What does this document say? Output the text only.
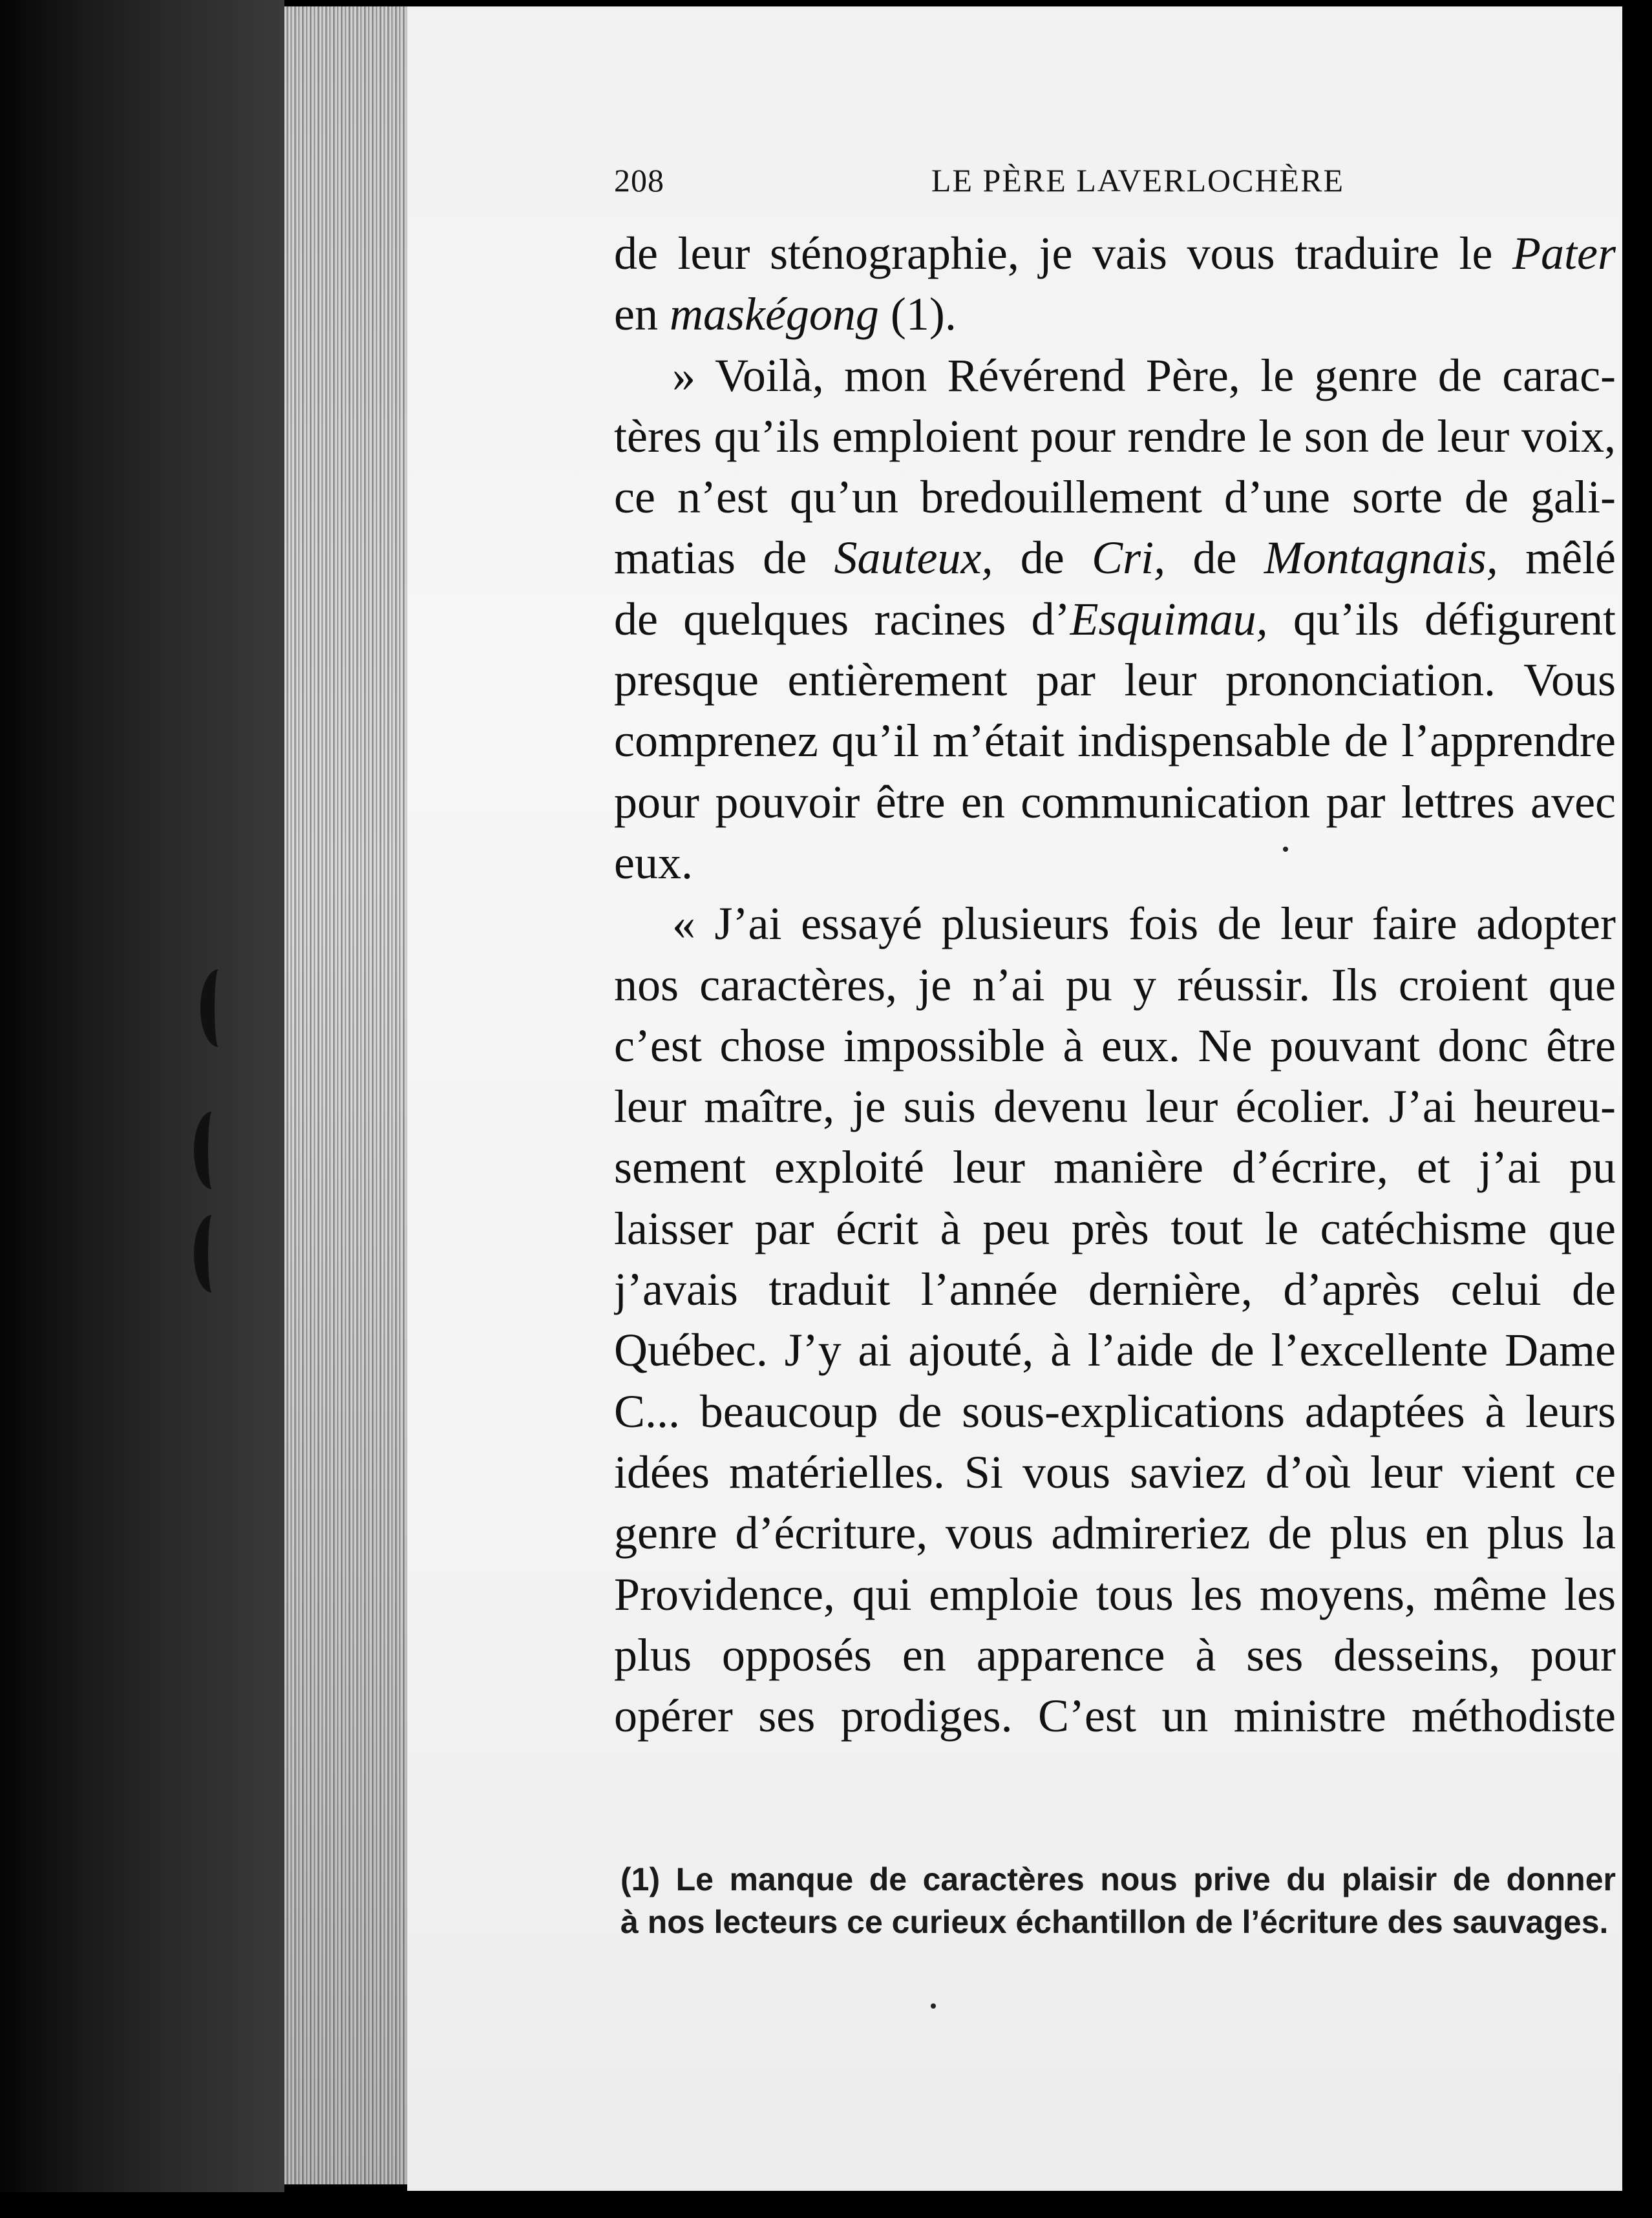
208	LE PÈRE LAVERLOCHÈRE
de leur sténographie, je vais vous traduire le Pater
en maskégong (1).
» Voilà, mon Révérend Père, le genre de carac-
tères qu’ils emploient pour rendre le son de leur voix,
ce n’est qu’un bredouillement d’une sorte de gali-
matias de Sauteux, de Cri, de Montagnais, mêlé
de quelques racines d’Esquimau, qu’ils défigurent
presque entièrement par leur prononciation. Vous
comprenez qu’il m’était indispensable de l’apprendre
pour pouvoir être en communication par lettres avec
eux.
« J’ai essayé plusieurs fois de leur faire adopter
nos caractères, je n’ai pu y réussir. Ils croient que
c’est chose impossible à eux. Ne pouvant donc être
leur maître, je suis devenu leur écolier. J’ai heureu-
sement exploité leur manière d’écrire, et j’ai pu
laisser par écrit à peu près tout le catéchisme que
j’avais traduit l’année dernière, d’après celui de
Québec. J’y ai ajouté, à l’aide de l’excellente Dame
C... beaucoup de sous-explications adaptées à leurs
idées matérielles. Si vous saviez d’où leur vient ce
genre d’écriture, vous admireriez de plus en plus la
Providence, qui emploie tous les moyens, même les
plus opposés en apparence à ses desseins, pour
opérer ses prodiges. C’est un ministre méthodiste
(1) Le manque de caractères nous prive du plaisir de donner
à nos lecteurs ce curieux échantillon de l’écriture des sauvages.
